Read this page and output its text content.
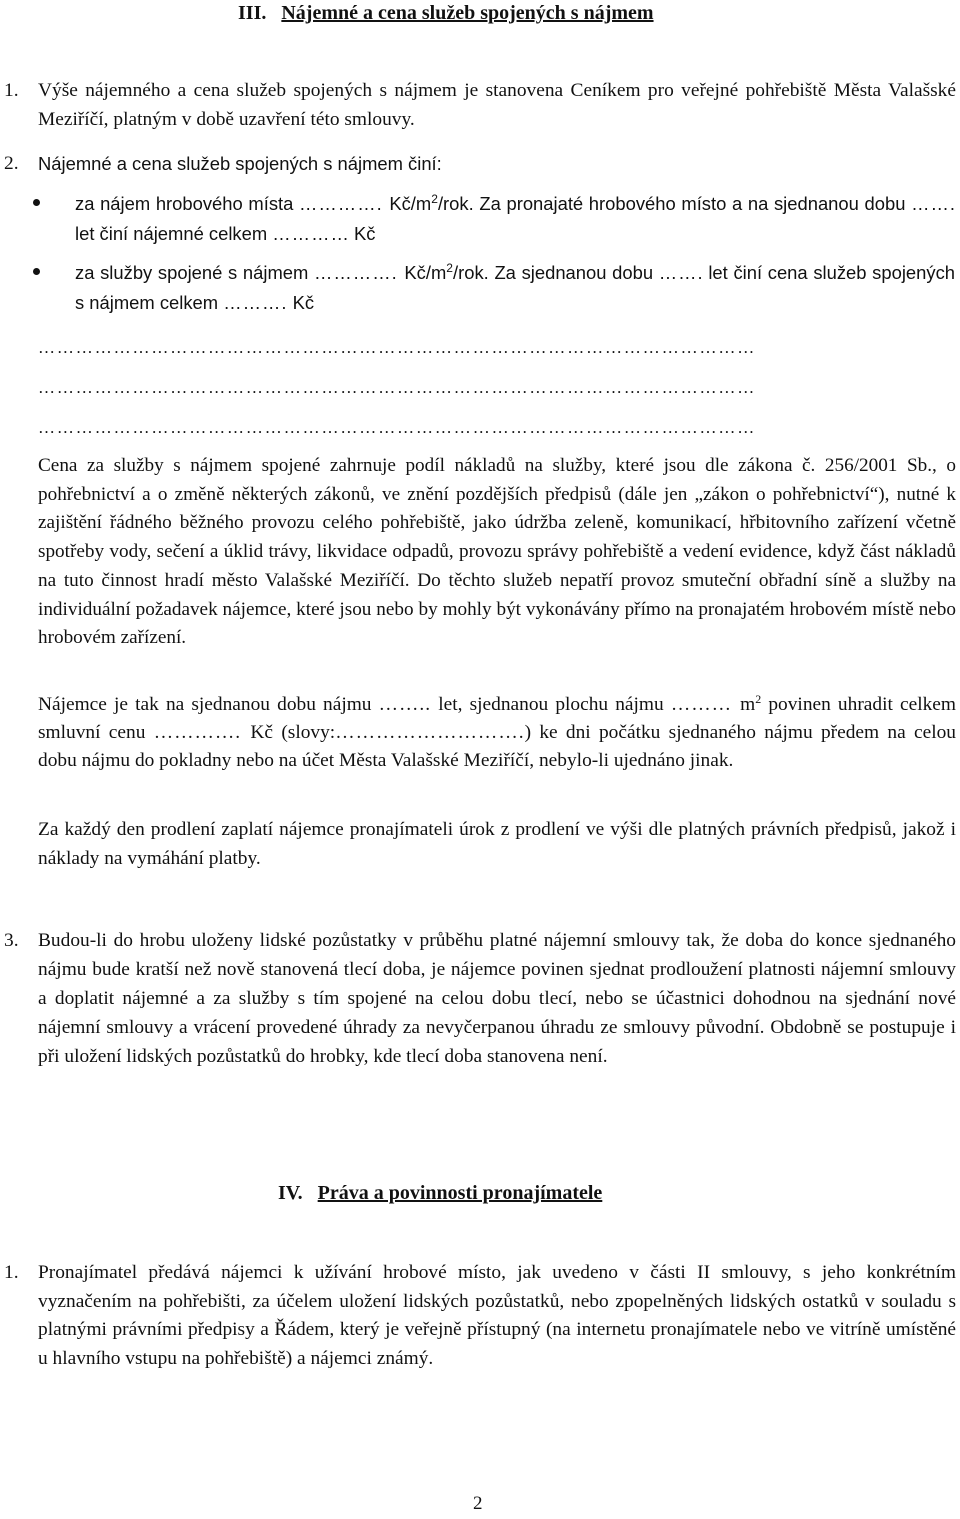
III. Nájemné a cena služeb spojených s nájmem
1. Výše nájemného a cena služeb spojených s nájmem je stanovena Ceníkem pro veřejné pohřebiště Města Valašské Meziříčí, platným v době uzavření této smlouvy.
2. Nájemné a cena služeb spojených s nájmem činí:
za nájem hrobového místa …………. $Kč/m^2$/rok. Za pronajaté hrobového místo a na sjednanou dobu ……. let činí nájemné celkem ………… Kč
za služby spojené s nájmem …………. $Kč/m^2$/rok. Za sjednanou dobu ……. let činí cena služeb spojených s nájmem celkem ………. Kč
……………………………………………………………………………………………………
……………………………………………………………………………………………………
……………………………………………………………………………………………………
Cena za služby s nájmem spojené zahrnuje podíl nákladů na služby, které jsou dle zákona č. 256/2001 Sb., o pohřebnictví a o změně některých zákonů, ve znění pozdějších předpisů (dále jen „zákon o pohřebnictví“), nutné k zajištění řádného běžného provozu celého pohřebiště, jako údržba zeleně, komunikací, hřbitovního zařízení včetně spotřeby vody, sečení a úklid trávy, likvidace odpadů, provozu správy pohřebiště a vedení evidence, když část nákladů na tuto činnost hradí město Valašské Meziříčí. Do těchto služeb nepatří provoz smuteční obřadní síně a služby na individuální požadavek nájemce, které jsou nebo by mohly být vykonávány přímo na pronajatém hrobovém místě nebo hrobovém zařízení.
Nájemce je tak na sjednanou dobu nájmu …….. let, sjednanou plochu nájmu ……… $m^2$ povinen uhradit celkem smluvní cenu …………. Kč (slovy:……………………….) ke dni počátku sjednaného nájmu předem na celou dobu nájmu do pokladny nebo na účet Města Valašské Meziříčí, nebylo-li ujednáno jinak.
Za každý den prodlení zaplatí nájemce pronajímateli úrok z prodlení ve výši dle platných právních předpisů, jakož i náklady na vymáhání platby.
3. Budou-li do hrobu uloženy lidské pozůstatky v průběhu platné nájemní smlouvy tak, že doba do konce sjednaného nájmu bude kratší než nově stanovená tlecí doba, je nájemce povinen sjednat prodloužení platnosti nájemní smlouvy a doplatit nájemné a za služby s tím spojené na celou dobu tlecí, nebo se účastnici dohodnou na sjednání nové nájemní smlouvy a vrácení provedené úhrady za nevyčerpanou úhradu ze smlouvy původní. Obdobně se postupuje i při uložení lidských pozůstatků do hrobky, kde tlecí doba stanovena není.
IV. Práva a povinnosti pronajímatele
1. Pronajímatel předává nájemci k užívání hrobové místo, jak uvedeno v části II smlouvy, s jeho konkrétním vyznačením na pohřebišti, za účelem uložení lidských pozůstatků, nebo zpopelněných lidských ostatků v souladu s platnými právními předpisy a Řádem, který je veřejně přístupný (na internetu pronajímatele nebo ve vitríně umístěné u hlavního vstupu na pohřebiště) a nájemci známý.
2
